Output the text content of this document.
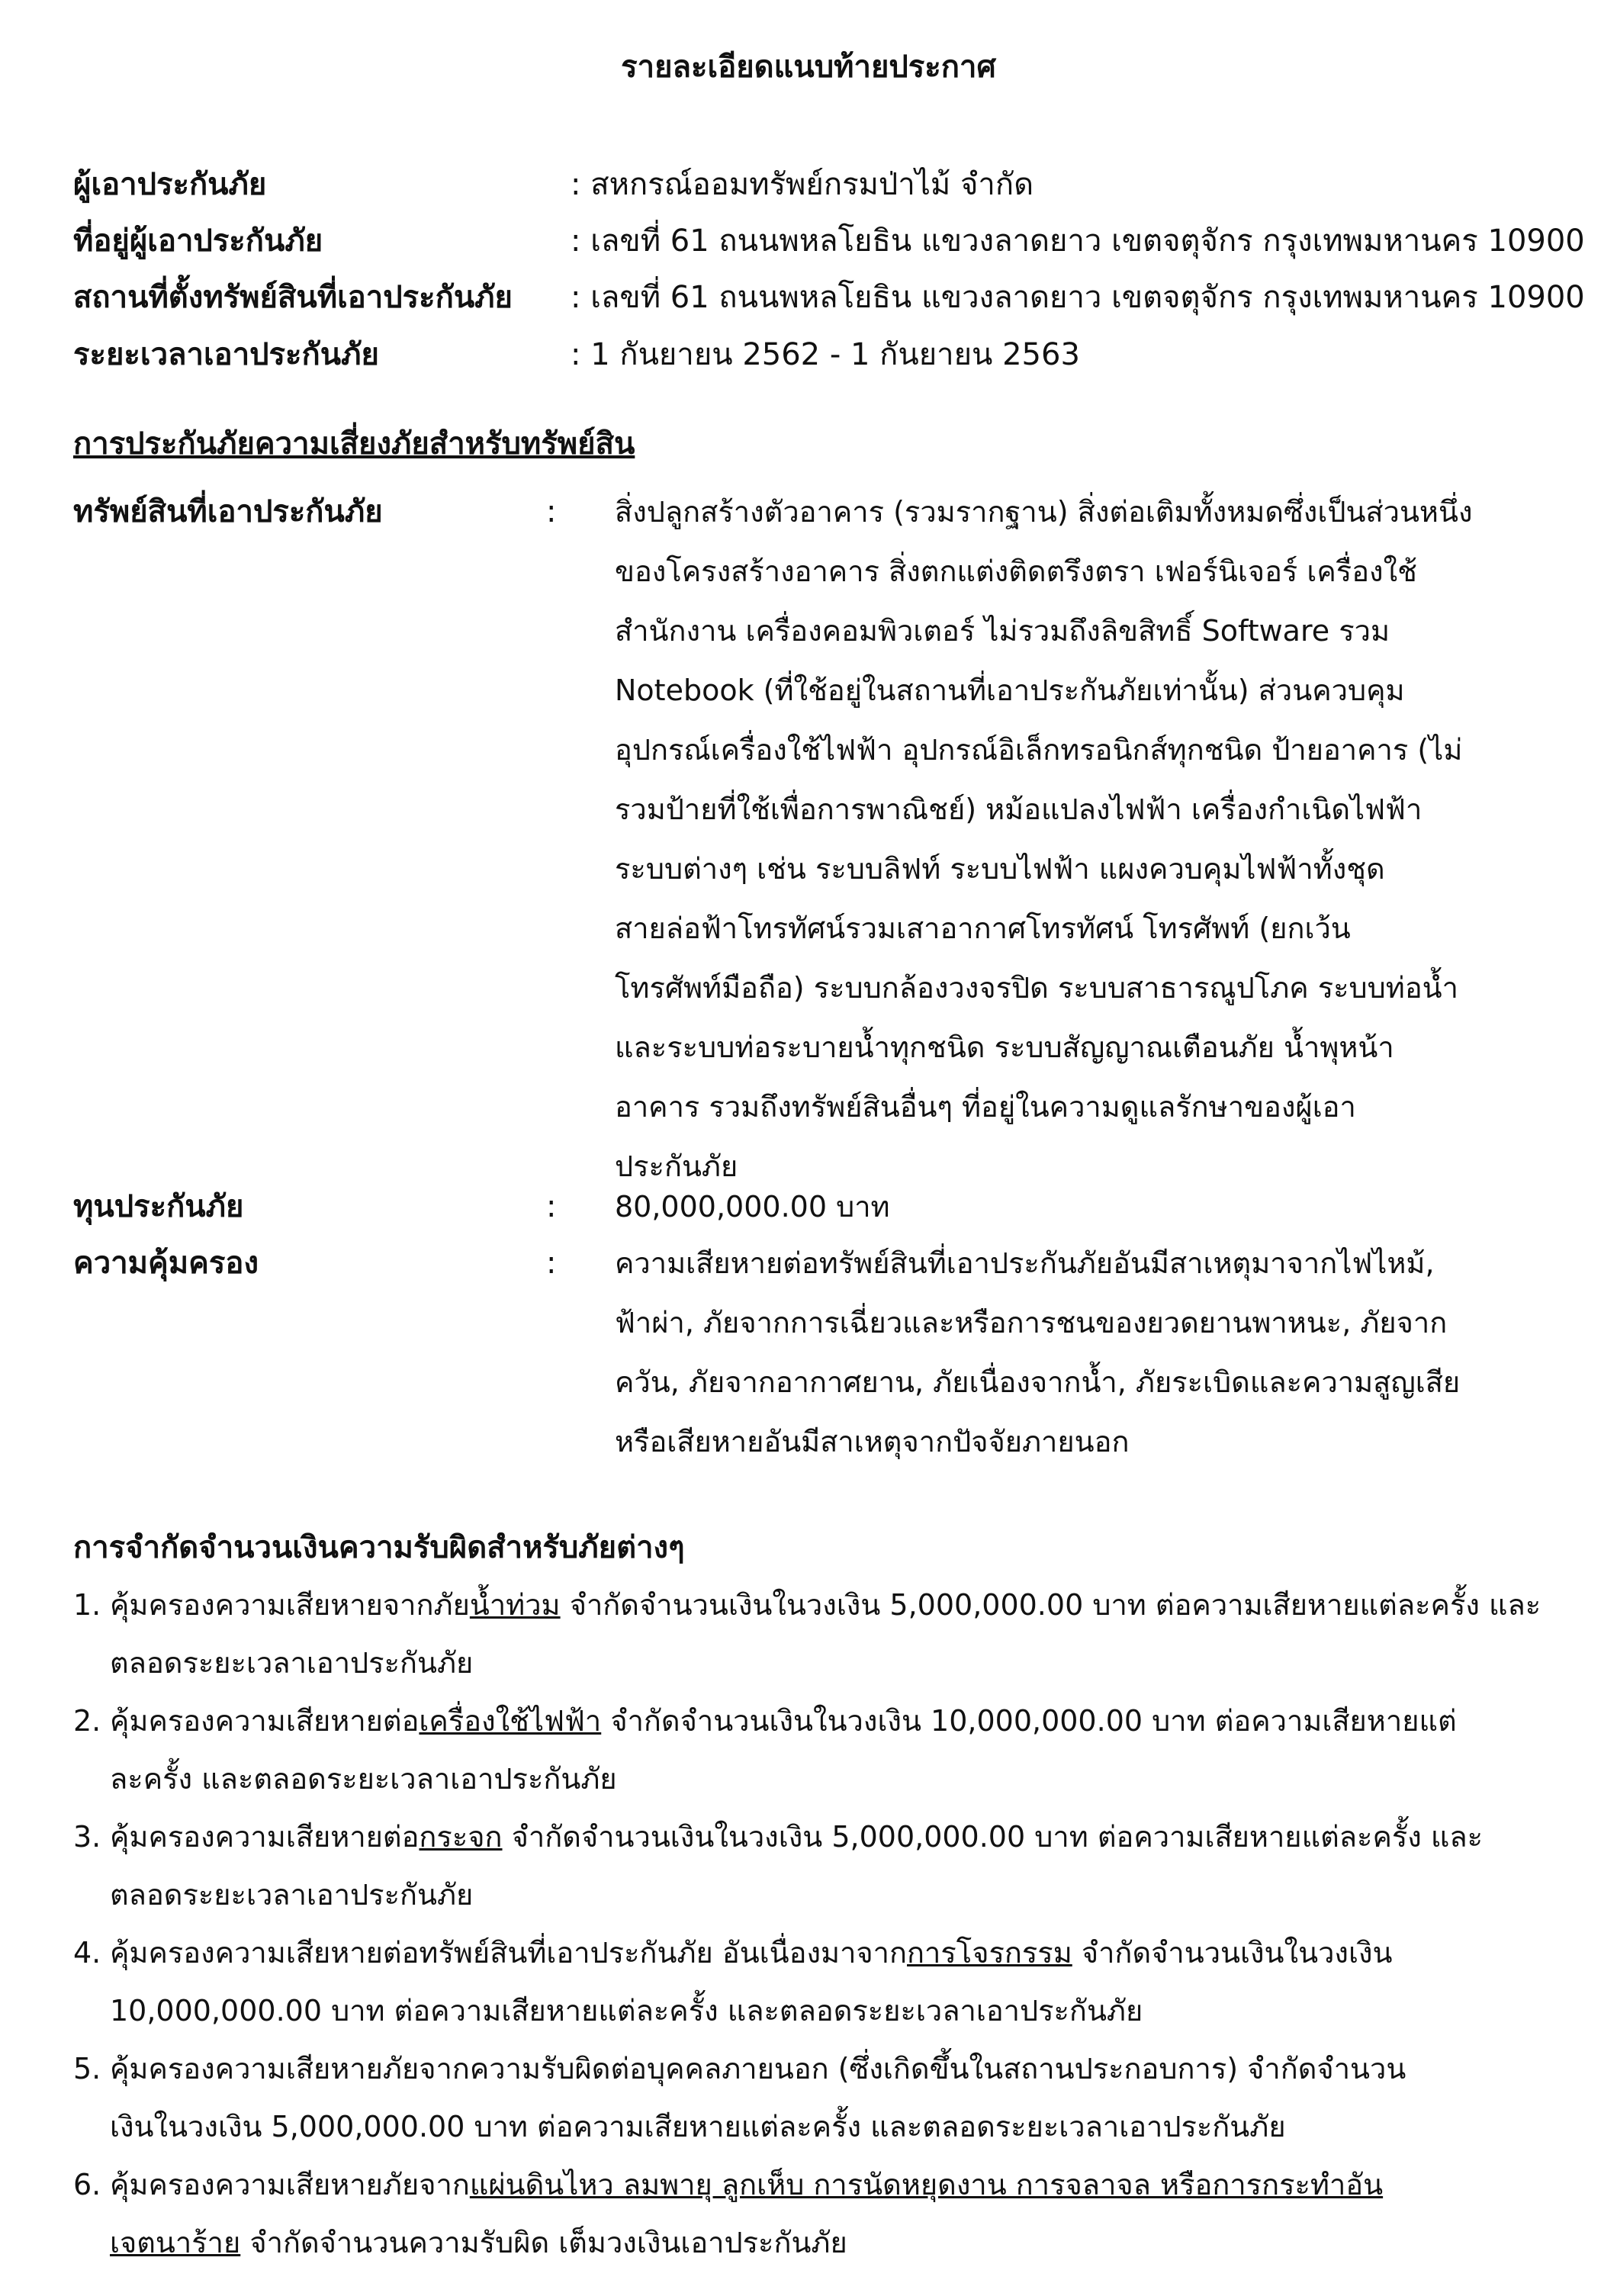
รายละเอียดแนบท้ายประกาศ
ผู้เอาประกันภัย	: สหกรณ์ออมทรัพย์กรมป่าไม้ จำกัด
ที่อยู่ผู้เอาประกันภัย	: เลขที่ 61 ถนนพหลโยธิน แขวงลาดยาว เขตจตุจักร กรุงเทพมหานคร 10900
สถานที่ตั้งทรัพย์สินที่เอาประกันภัย : เลขที่ 61 ถนนพหลโยธิน แขวงลาดยาว เขตจตุจักร กรุงเทพมหานคร 10900
ระยะเวลาเอาประกันภัย	: 1 กันยายน 2562 - 1 กันยายน 2563
การประกันภัยความเสี่ยงภัยสำหรับทรัพย์สิน
ทรัพย์สินที่เอาประกันภัย	: สิ่งปลูกสร้างตัวอาคาร (รวมรากฐาน) สิ่งต่อเติมทั้งหมดซึ่งเป็นส่วนหนึ่ง
ของโครงสร้างอาคาร สิ่งตกแต่งติดตรึงตรา เฟอร์นิเจอร์ เครื่องใช้
สำนักงาน เครื่องคอมพิวเตอร์ ไม่รวมถึงลิขสิทธิ์ Software รวม
Notebook (ที่ใช้อยู่ในสถานที่เอาประกันภัยเท่านั้น) ส่วนควบคุม
อุปกรณ์เครื่องใช้ไฟฟ้า อุปกรณ์อิเล็กทรอนิกส์ทุกชนิด ป้ายอาคาร (ไม่
รวมป้ายที่ใช้เพื่อการพาณิชย์) หม้อแปลงไฟฟ้า เครื่องกำเนิดไฟฟ้า
ระบบต่างๆ เช่น ระบบลิฟท์ ระบบไฟฟ้า แผงควบคุมไฟฟ้าทั้งชุด
สายล่อฟ้าโทรทัศน์รวมเสาอากาศโทรทัศน์ โทรศัพท์ (ยกเว้น
โทรศัพท์มือถือ) ระบบกล้องวงจรปิด ระบบสาธารณูปโภค ระบบท่อน้ำ
และระบบท่อระบายน้ำทุกชนิด ระบบสัญญาณเตือนภัย น้ำพุหน้า
อาคาร รวมถึงทรัพย์สินอื่นๆ ที่อยู่ในความดูแลรักษาของผู้เอา
ประกันภัย
ทุนประกันภัย	: 80,000,000.00 บาท
ความคุ้มครอง	: ความเสียหายต่อทรัพย์สินที่เอาประกันภัยอันมีสาเหตุมาจากไฟไหม้,
ฟ้าผ่า, ภัยจากการเฉี่ยวและหรือการชนของยวดยานพาหนะ, ภัยจาก
ควัน, ภัยจากอากาศยาน, ภัยเนื่องจากน้ำ, ภัยระเบิดและความสูญเสีย
หรือเสียหายอันมีสาเหตุจากปัจจัยภายนอก
การจำกัดจำนวนเงินความรับผิดสำหรับภัยต่างๆ
1. คุ้มครองความเสียหายจากภัยน้ำท่วม จำกัดจำนวนเงินในวงเงิน 5,000,000.00 บาท ต่อความเสียหายแต่ละครั้ง และ
ตลอดระยะเวลาเอาประกันภัย
2. คุ้มครองความเสียหายต่อเครื่องใช้ไฟฟ้า จำกัดจำนวนเงินในวงเงิน 10,000,000.00 บาท ต่อความเสียหายแต่
ละครั้ง และตลอดระยะเวลาเอาประกันภัย
3. คุ้มครองความเสียหายต่อกระจก จำกัดจำนวนเงินในวงเงิน 5,000,000.00 บาท ต่อความเสียหายแต่ละครั้ง และ
ตลอดระยะเวลาเอาประกันภัย
4. คุ้มครองความเสียหายต่อทรัพย์สินที่เอาประกันภัย อันเนื่องมาจากการโจรกรรม จำกัดจำนวนเงินในวงเงิน
10,000,000.00 บาท ต่อความเสียหายแต่ละครั้ง และตลอดระยะเวลาเอาประกันภัย
5. คุ้มครองความเสียหายภัยจากความรับผิดต่อบุคคลภายนอก (ซึ่งเกิดขึ้นในสถานประกอบการ) จำกัดจำนวน
เงินในวงเงิน 5,000,000.00 บาท ต่อความเสียหายแต่ละครั้ง และตลอดระยะเวลาเอาประกันภัย
6. คุ้มครองความเสียหายภัยจากแผ่นดินไหว ลมพายุ ลูกเห็บ การนัดหยุดงาน การจลาจล หรือการกระทำอัน
เจตนาร้าย จำกัดจำนวนความรับผิด เต็มวงเงินเอาประกันภัย
